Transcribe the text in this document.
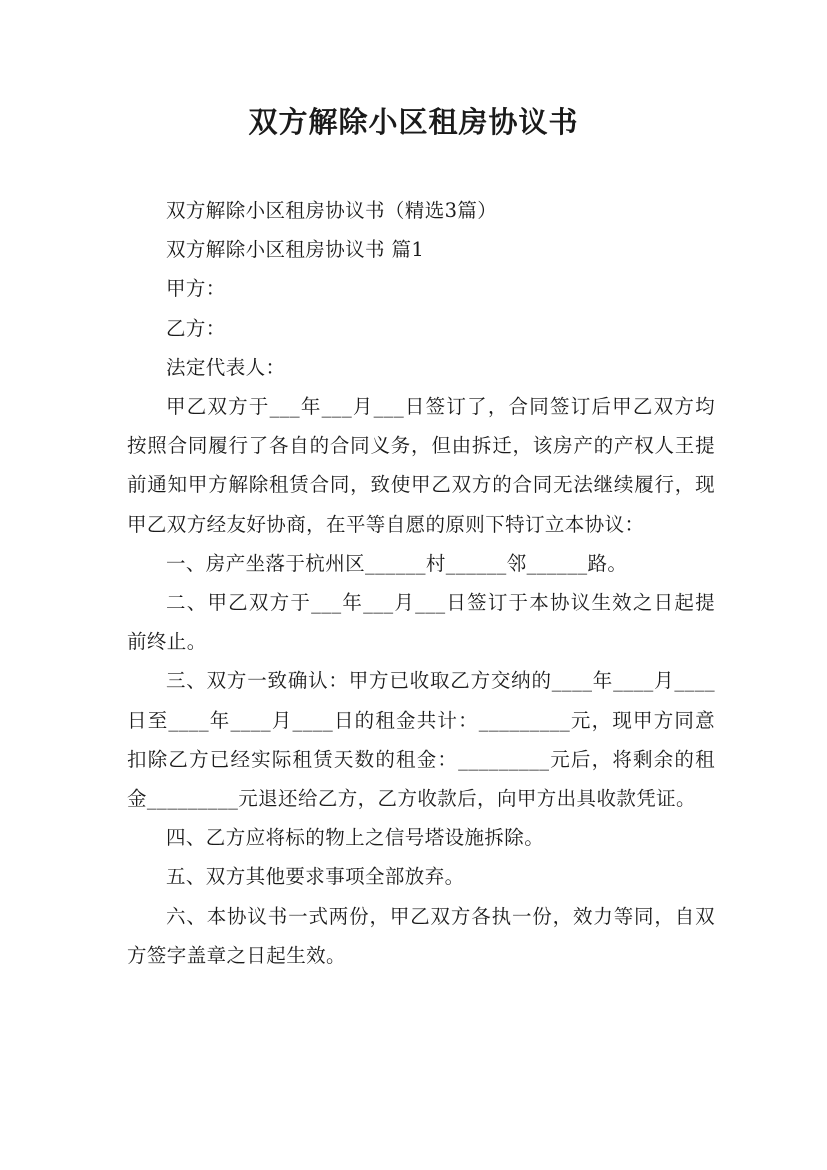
双方解除小区租房协议书

双方解除小区租房协议书（精选3篇）

双方解除小区租房协议书 篇1

甲方：

乙方：

法定代表人：

甲乙双方于___年___月___日签订了，合同签订后甲乙双方均按照合同履行了各自的合同义务，但由拆迁，该房产的产权人王提前通知甲方解除租赁合同，致使甲乙双方的合同无法继续履行，现甲乙双方经友好协商，在平等自愿的原则下特订立本协议：

一、房产坐落于杭州区______村______邻______路。

二、甲乙双方于___年___月___日签订于本协议生效之日起提前终止。

三、双方一致确认：甲方已收取乙方交纳的____年____月____日至____年____月____日的租金共计：_________元，现甲方同意扣除乙方已经实际租赁天数的租金：_________元后，将剩余的租金_________元退还给乙方，乙方收款后，向甲方出具收款凭证。

四、乙方应将标的物上之信号塔设施拆除。

五、双方其他要求事项全部放弃。

六、本协议书一式两份，甲乙双方各执一份，效力等同，自双方签字盖章之日起生效。
